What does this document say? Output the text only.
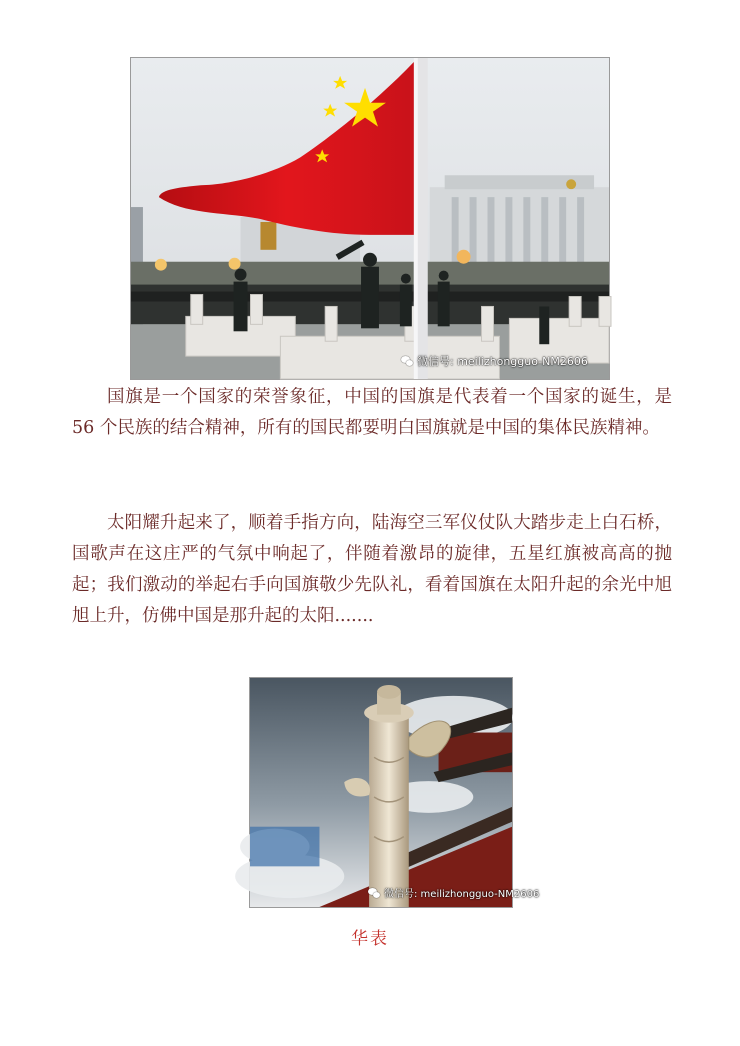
微信号: meilizhongguo-NM2606

国旗是一个国家的荣誉象征，中国的国旗是代表着一个国家的诞生，是 56 个民族的结合精神，所有的国民都要明白国旗就是中国的集体民族精神。

太阳耀升起来了，顺着手指方向，陆海空三军仪仗队大踏步走上白石桥，国歌声在这庄严的气氛中响起了，伴随着激昂的旋律，五星红旗被高高的抛起；我们激动的举起右手向国旗敬少先队礼，看着国旗在太阳升起的余光中旭旭上升，仿佛中国是那升起的太阳.......

微信号: meilizhongguo-NM2606
华表
